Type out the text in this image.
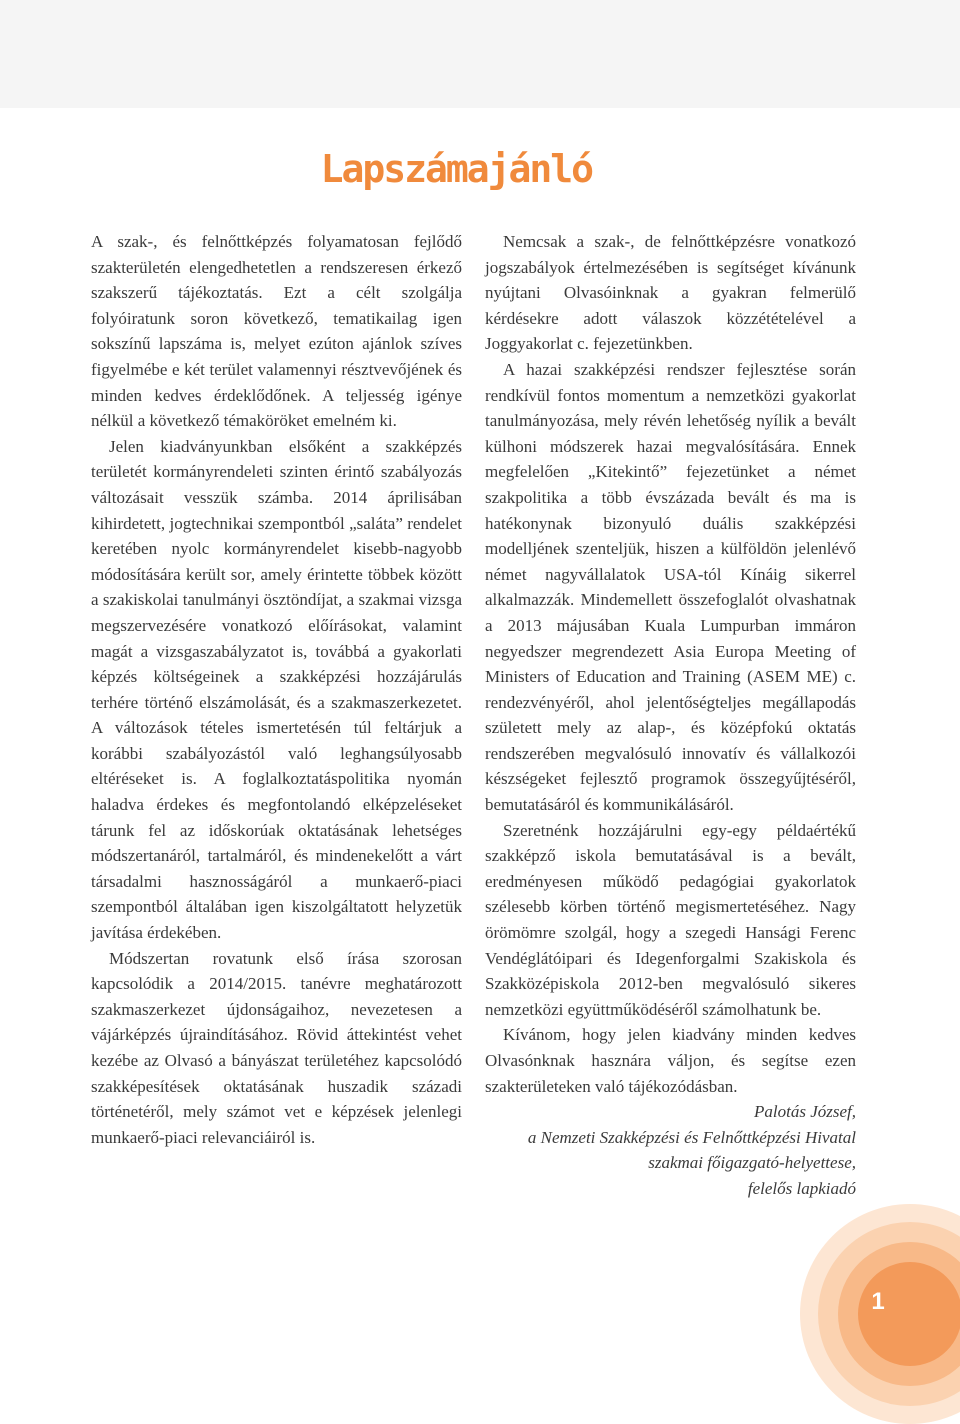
Lapszámajánló

A szak-, és felnőttképzés folyamatosan fejlődő szakterületén elengedhetetlen a rendszeresen érkező szakszerű tájékoztatás. Ezt a célt szolgálja folyóiratunk soron következő, tematikailag igen sokszínű lapszáma is, melyet ezúton ajánlok szíves figyelmébe e két terület valamennyi résztvevőjének és minden kedves érdeklődőnek. A teljesség igénye nélkül a következő témaköröket emelném ki.

Jelen kiadványunkban elsőként a szakképzés területét kormányrendeleti szinten érintő szabályozás változásait vesszük számba. 2014 áprilisában kihirdetett, jogtechnikai szempontból „saláta” rendelet keretében nyolc kormányrendelet kisebb-nagyobb módosítására került sor, amely érintette többek között a szakiskolai tanulmányi ösztöndíjat, a szakmai vizsga megszervezésére vonatkozó előírásokat, valamint magát a vizsgaszabályzatot is, továbbá a gyakorlati képzés költségeinek a szakképzési hozzájárulás terhére történő elszámolását, és a szakmaszerkezetet. A változások tételes ismertetésén túl feltárjuk a korábbi szabályozástól való leghangsúlyosabb eltéréseket is. A foglalkoztatáspolitika nyomán haladva érdekes és megfontolandó elképzeléseket tárunk fel az időskorúak oktatásának lehetséges módszertanáról, tartalmáról, és mindenekelőtt a várt társadalmi hasznosságáról a munkaerő-piaci szempontból általában igen kiszolgáltatott helyzetük javítása érdekében.

Módszertan rovatunk első írása szorosan kapcsolódik a 2014/2015. tanévre meghatározott szakmaszerkezet újdonságaihoz, nevezetesen a vájárképzés újraindításához. Rövid áttekintést vehet kezébe az Olvasó a bányászat területéhez kapcsolódó szakképesítések oktatásának huszadik századi történetéről, mely számot vet e képzések jelenlegi munkaerő-piaci relevanciáiról is.

Nemcsak a szak-, de felnőttképzésre vonatkozó jogszabályok értelmezésében is segítséget kívánunk nyújtani Olvasóinknak a gyakran felmerülő kérdésekre adott válaszok közzétételével a Joggyakorlat c. fejezetünkben.

A hazai szakképzési rendszer fejlesztése során rendkívül fontos momentum a nemzetközi gyakorlat tanulmányozása, mely révén lehetőség nyílik a bevált külhoni módszerek hazai megvalósítására. Ennek megfelelően „Kitekintő” fejezetünket a német szakpolitika a több évszázada bevált és ma is hatékonynak bizonyuló duális szakképzési modelljének szenteljük, hiszen a külföldön jelenlévő német nagyvállalatok USA-tól Kínáig sikerrel alkalmazzák. Mindemellett összefoglalót olvashatnak a 2013 májusában Kuala Lumpurban immáron negyedszer megrendezett Asia Europa Meeting of Ministers of Education and Training (ASEM ME) c. rendezvényéről, ahol jelentőségteljes megállapodás született mely az alap-, és középfokú oktatás rendszerében megvalósuló innovatív és vállalkozói készségeket fejlesztő programok összegyűjtéséről, bemutatásáról és kommunikálásáról.

Szeretnénk hozzájárulni egy-egy példaértékű szakképző iskola bemutatásával is a bevált, eredményesen működő pedagógiai gyakorlatok szélesebb körben történő megismertetéséhez. Nagy örömömre szolgál, hogy a szegedi Hansági Ferenc Vendéglátóipari és Idegenforgalmi Szakiskola és Szakközépiskola 2012-ben megvalósuló sikeres nemzetközi együttműködéséről számolhatunk be.

Kívánom, hogy jelen kiadvány minden kedves Olvasónknak hasznára váljon, és segítse ezen szakterületeken való tájékozódásban.

Palotás József,
a Nemzeti Szakképzési és Felnőttképzési Hivatal
szakmai főigazgató-helyettese,
felelős lapkiadó
1
